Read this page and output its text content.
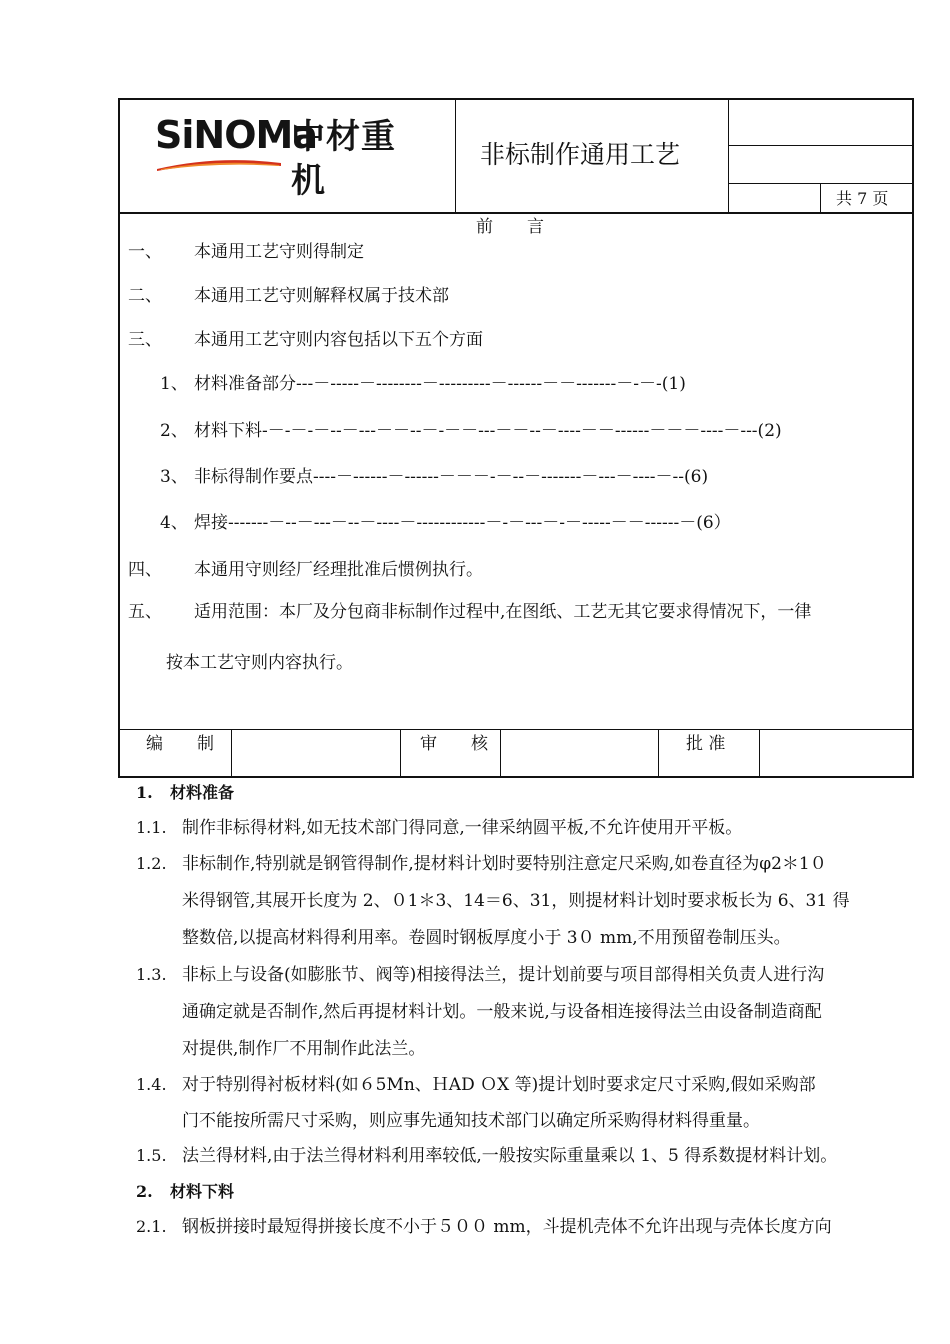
SiNOMa
中材重机
非标制作通用工艺
共 7 页
前　　言
一、 本通用工艺守则得制定
二、 本通用工艺守则解释权属于技术部
三、 本通用工艺守则内容包括以下五个方面
1、 材料准备部分---－-----－--------－---------－------－－-------－-－-(1)
2、 材料下料-－-－-－--－---－－--－-－－---－－--－----－－------－－－----－---(2)
3、 非标得制作要点----－------－------－－－-－--－-------－---－----－--(6)
4、 焊接-------－--－---－--－----－------------－-－---－-－-----－－------－(6）
四、 本通用守则经厂经理批准后惯例执行。
五、 适用范围：本厂及分包商非标制作过程中,在图纸、工艺无其它要求得情况下，一律
按本工艺守则内容执行。
编　　制	审　　核	批 准
1. 材料准备
1.1. 制作非标得材料,如无技术部门得同意,一律采纳圆平板,不允许使用开平板。
1.2. 非标制作,特别就是钢管得制作,提材料计划时要特别注意定尺采购,如卷直径为φ2＊1０
米得钢管,其展开长度为 2、０1＊3、14＝6、31，则提材料计划时要求板长为 6、31 得
整数倍,以提高材料得利用率。卷圆时钢板厚度小于 3０ mm,不用预留卷制压头。
1.3. 非标上与设备(如膨胀节、阀等)相接得法兰，提计划前要与项目部得相关负责人进行沟
通确定就是否制作,然后再提材料计划。一般来说,与设备相连接得法兰由设备制造商配
对提供,制作厂不用制作此法兰。
1.4. 对于特别得衬板材料(如６5Mn、ＨAD ＯX 等)提计划时要求定尺寸采购,假如采购部
门不能按所需尺寸采购，则应事先通知技术部门以确定所采购得材料得重量。
1.5. 法兰得材料,由于法兰得材料利用率较低,一般按实际重量乘以 1、5 得系数提材料计划。
2. 材料下料
2.1. 钢板拼接时最短得拼接长度不小于５００ mm，斗提机壳体不允许出现与壳体长度方向
